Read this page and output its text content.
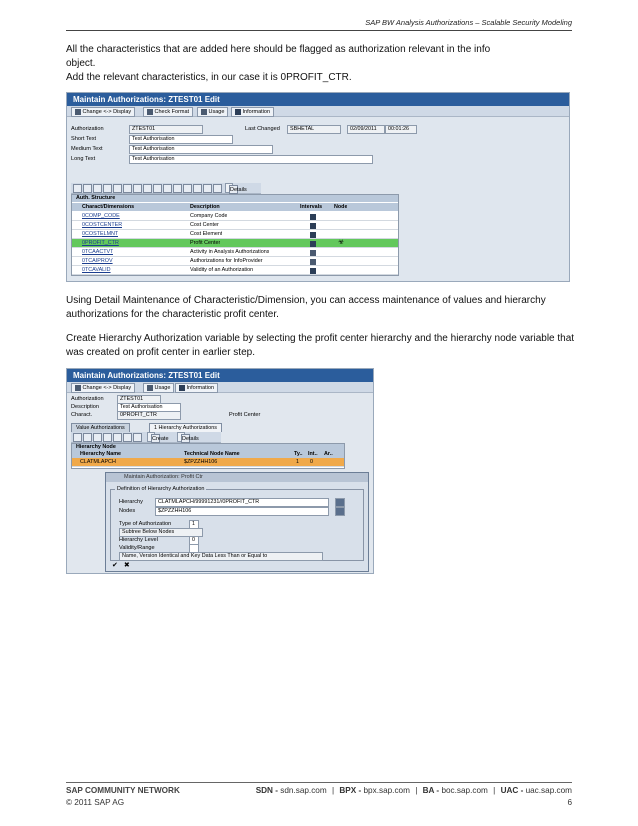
SAP BW Analysis Authorizations – Scalable Security Modeling
All the characteristics that are added here should be flagged as authorization relevant in the info object.
Add the relevant characteristics, in our case it is 0PROFIT_CTR.
Maintain Authorizations: ZTEST01 Edit
Change <-> Display	Check Format	Usage	Information
Authorization	ZTEST01	Last Changed	SBHETAL	02/09/2011	00:01:26
Short Text	Test Authorisation
Medium Text	Test Authorisation
Long Text	Test Authorisation
Details
Auth. Structure
Charact/Dimensions	Description	Intervals Node
0COMP_CODE	Company Code
0COSTCENTER	Cost Center
0COSTELMNT	Cost Element
0PROFIT_CTR	Profit Center	☣
0TCAACTVT	Activity in Analysis Authorizations
0TCAIPROV	Authorizations for InfoProvider
0TCAVALID	Validity of an Authorization
Using Detail Maintenance of Characteristic/Dimension, you can access maintenance of values and hierarchy authorizations for the characteristic profit center.
Create Hierarchy Authorization variable by selecting the profit center hierarchy and the hierarchy node variable that was created on profit center in earlier step.
Maintain Authorizations: ZTEST01 Edit
Change <-> Display	Usage	Information
Authorization	ZTEST01
Description	Test Authorisation
Charact.	0PROFIT_CTR	Profit Center
Value Authorizations	1 Hierarchy Authorizations
Create Details
Hierarchy Node
Hierarchy Name	Technical Node Name	Ty.. Int.. Ar..
CLATMLAPCH	$ZPZZHH106	1 0
Maintain Authorization: Profit Ctr
Definition of Hierarchy Authorization
Hierarchy	CLATMLAPCH/99991231//0PROFIT_CTR
Nodes	$ZPZZHH106
Type of Authorization	1
Subtree Below Nodes
Hierarchy Level	0
Validity/Range
Name, Version Identical and Key Data Less Than or Equal to
✔ ✖
SAP COMMUNITY NETWORK	SDN - sdn.sap.com | BPX - bpx.sap.com | BA - boc.sap.com | UAC - uac.sap.com
© 2011 SAP AG	6
